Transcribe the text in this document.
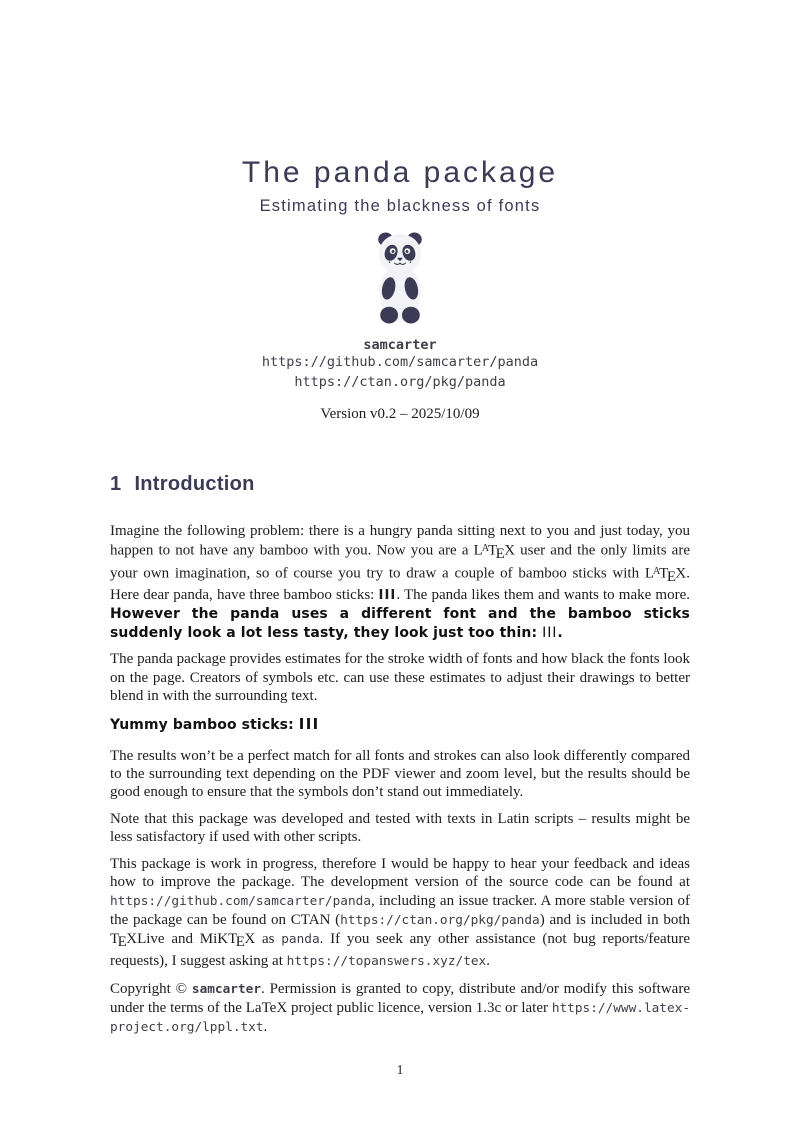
The panda package
Estimating the blackness of fonts
samcarter
https://github.com/samcarter/panda
https://ctan.org/pkg/panda
Version v0.2 – 2025/10/09
1 Introduction

Imagine the following problem: there is a hungry panda sitting next to you and just today, you happen to not have any bamboo with you. Now you are a $L^ATEX$ user and the only limits are your own imagination, so of course you try to draw a couple of bamboo sticks with $L^ATEX$. Here dear panda, have three bamboo sticks: III. The panda likes them and wants to make more. However the panda uses a different font and the bamboo sticks suddenly look a lot less tasty, they look just too thin: III.

The panda package provides estimates for the stroke width of fonts and how black the fonts look on the page. Creators of symbols etc. can use these estimates to adjust their drawings to better blend in with the surrounding text.

Yummy bamboo sticks: III

The results won’t be a perfect match for all fonts and strokes can also look differently compared to the surrounding text depending on the PDF viewer and zoom level, but the results should be good enough to ensure that the symbols don’t stand out immediately.

Note that this package was developed and tested with texts in Latin scripts – results might be less satisfactory if used with other scripts.

This package is work in progress, therefore I would be happy to hear your feedback and ideas how to improve the package. The development version of the source code can be found at https://github.com/samcarter/panda, including an issue tracker. A more stable version of the package can be found on CTAN (https://ctan.org/pkg/panda) and is included in both TEXLive and MiKTEX as panda. If you seek any other assistance (not bug reports/feature requests), I suggest asking at https://topanswers.xyz/tex.

Copyright © samcarter. Permission is granted to copy, distribute and/or modify this software under the terms of the LaTeX project public licence, version 1.3c or later https://www.latex-project.org/lppl.txt.

1
